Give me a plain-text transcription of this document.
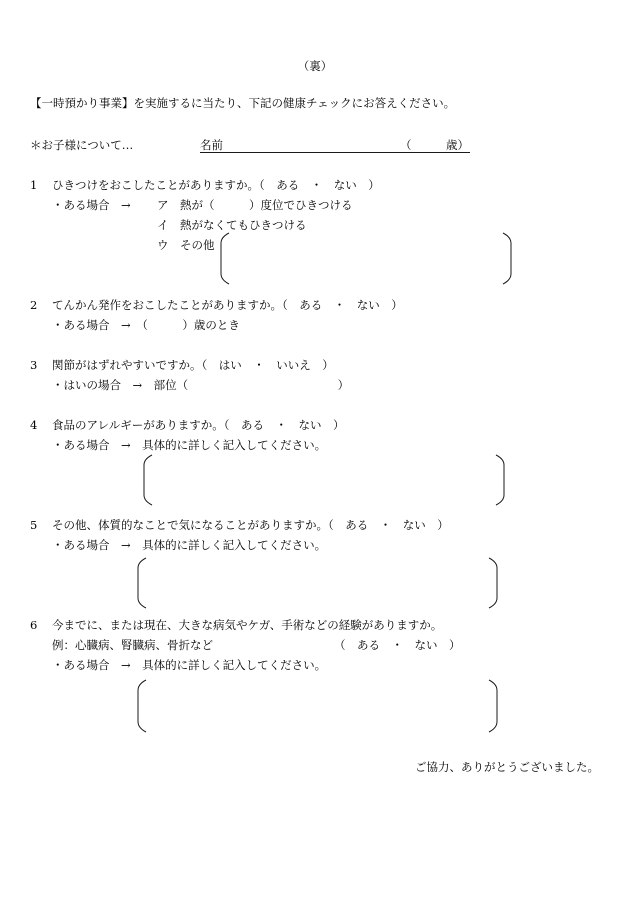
（裏）
【一時預かり事業】を実施するに当たり、下記の健康チェックにお答えください。
＊お子様について…	名前	（	歳）
1 ひきつけをおこしたことがありますか。（　ある　・　ない　）
・ある場合　→ ア　熱が（　　　）度位でひきつける
イ　熱がなくてもひきつける
ウ　その他
2 てんかん発作をおこしたことがありますか。（　ある　・　ない　）
・ある場合　→　（　　　）歳のとき
3 関節がはずれやすいですか。（　はい　・　いいえ　）
・はいの場合　→　部位（　　　　　　　　　　　　　）
4 食品のアレルギーがありますか。（　ある　・　ない　）
・ある場合　→　具体的に詳しく記入してください。
5 その他、体質的なことで気になることがありますか。（　ある　・　ない　）
・ある場合　→　具体的に詳しく記入してください。
6 今までに、または現在、大きな病気やケガ、手術などの経験がありますか。
例：心臓病、腎臓病、骨折など	（　ある　・　ない　）
・ある場合　→　具体的に詳しく記入してください。
ご協力、ありがとうございました。
